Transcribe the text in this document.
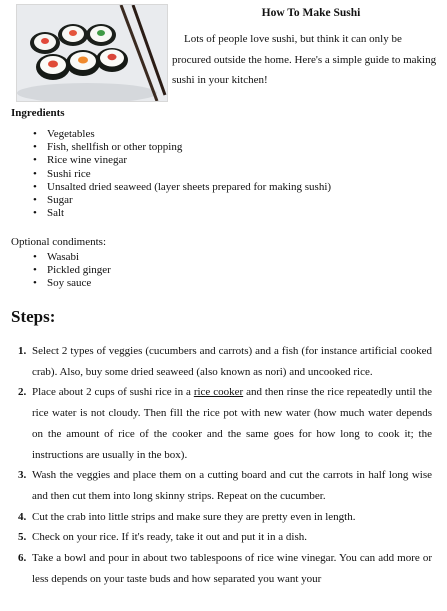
How To Make Sushi

Lots of people love sushi, but think it can only be procured outside the home. Here's a simple guide to making sushi in your kitchen!

Ingredients

• Vegetables
• Fish, shellfish or other topping
• Rice wine vinegar
• Sushi rice
• Unsalted dried seaweed (layer sheets prepared for making sushi)
• Sugar
• Salt

Optional condiments:

• Wasabi
• Pickled ginger
• Soy sauce

Steps:

1. Select 2 types of veggies (cucumbers and carrots) and a fish (for instance artificial cooked crab). Also, buy some dried seaweed (also known as nori) and uncooked rice.
2. Place about 2 cups of sushi rice in a rice cooker and then rinse the rice repeatedly until the rice water is not cloudy. Then fill the rice pot with new water (how much water depends on the amount of rice of the cooker and the same goes for how long to cook it; the instructions are usually in the box).
3. Wash the veggies and place them on a cutting board and cut the carrots in half long wise and then cut them into long skinny strips. Repeat on the cucumber.
4. Cut the crab into little strips and make sure they are pretty even in length.
5. Check on your rice. If it's ready, take it out and put it in a dish.
6. Take a bowl and pour in about two tablespoons of rice wine vinegar. You can add more or less depends on your taste buds and how separated you want your
